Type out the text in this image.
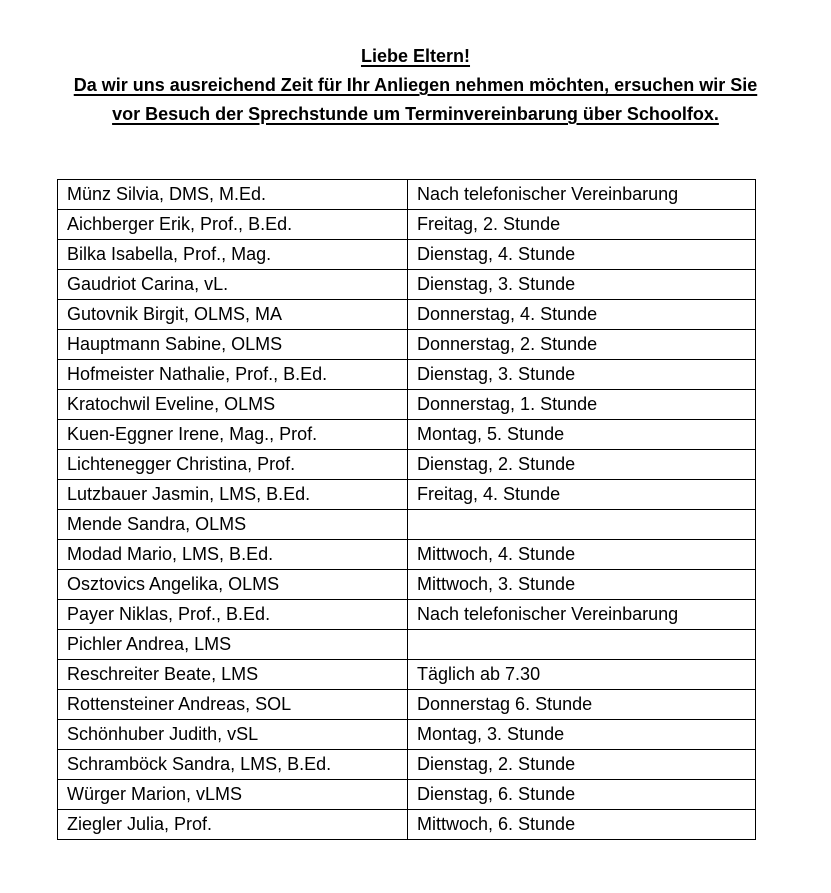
Liebe Eltern!
Da wir uns ausreichend Zeit für Ihr Anliegen nehmen möchten, ersuchen wir Sie
vor Besuch der Sprechstunde um Terminvereinbarung über Schoolfox.
Münz Silvia, DMS, M.Ed.	Nach telefonischer Vereinbarung
Aichberger Erik, Prof., B.Ed.	Freitag, 2. Stunde
Bilka Isabella, Prof., Mag.	Dienstag, 4. Stunde
Gaudriot Carina, vL.	Dienstag, 3. Stunde
Gutovnik Birgit, OLMS, MA	Donnerstag, 4. Stunde
Hauptmann Sabine, OLMS	Donnerstag, 2. Stunde
Hofmeister Nathalie, Prof., B.Ed.	Dienstag, 3. Stunde
Kratochwil Eveline, OLMS	Donnerstag, 1. Stunde
Kuen-Eggner Irene, Mag., Prof.	Montag, 5. Stunde
Lichtenegger Christina, Prof.	Dienstag, 2. Stunde
Lutzbauer Jasmin, LMS, B.Ed.	Freitag, 4. Stunde
Mende Sandra, OLMS	
Modad Mario, LMS, B.Ed.	Mittwoch, 4. Stunde
Osztovics Angelika, OLMS	Mittwoch, 3. Stunde
Payer Niklas, Prof., B.Ed.	Nach telefonischer Vereinbarung
Pichler Andrea, LMS	
Reschreiter Beate, LMS	Täglich ab 7.30
Rottensteiner Andreas, SOL	Donnerstag 6. Stunde
Schönhuber Judith, vSL	Montag, 3. Stunde
Schramböck Sandra, LMS, B.Ed.	Dienstag, 2. Stunde
Würger Marion, vLMS	Dienstag, 6. Stunde
Ziegler Julia, Prof.	Mittwoch, 6. Stunde
